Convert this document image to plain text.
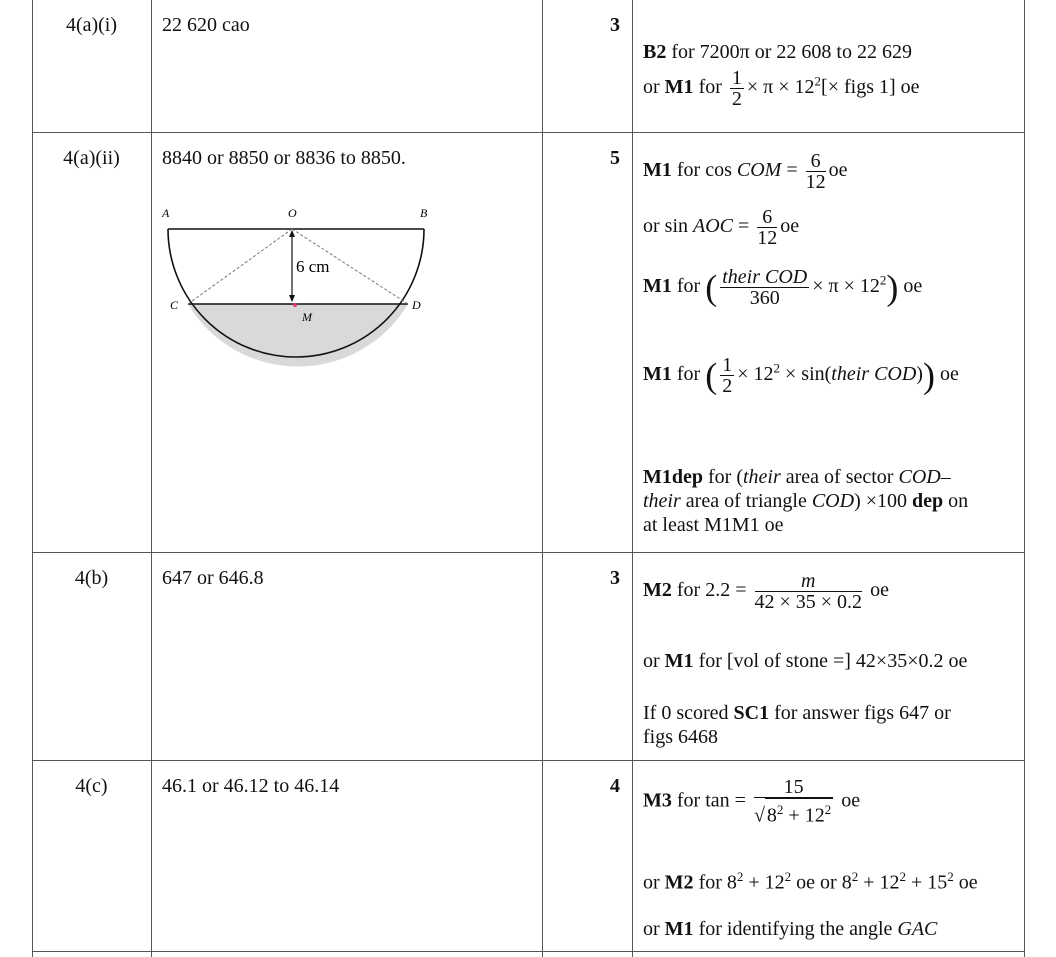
4(a)(i)	22 620 cao	3
B2 for 7200π or 22 608 to 22 629
or M1 for $\frac{1}{2} \times \pi \times 12^2[\times$ figs 1] oe
4(a)(ii)	8840 or 8850 or 8836 to 8850.	5
A	O	B
C	D
M
6 cm
M1 for cos COM = $\frac{6}{12}$ oe
or sin AOC = $\frac{6}{12}$ oe
M1 for ( $\frac{\text{their COD}}{360} \times \pi \times 12^2$) oe
M1 for ( $\frac{1}{2} \times 12^2$ × sin(their COD)) oe
M1dep for (their area of sector COD–
their area of triangle COD) ×100 dep on
at least M1M1 oe
4(b)	647 or 646.8	3
M2 for $2.2 = \frac{m}{42 \times 35 \times 0.2}$ oe
or M1 for [vol of stone =] 42×35×0.2 oe
If 0 scored SC1 for answer figs 647 or
figs 6468
4(c)	46.1 or 46.12 to 46.14	4
M3 for $\tan = \frac{15}{√ 8^2 + 12^2}$ oe
or M2 for $8^2 + 12^2$ oe or $8^2 + 12^2 + 15^2$ oe
or M1 for identifying the angle GAC
